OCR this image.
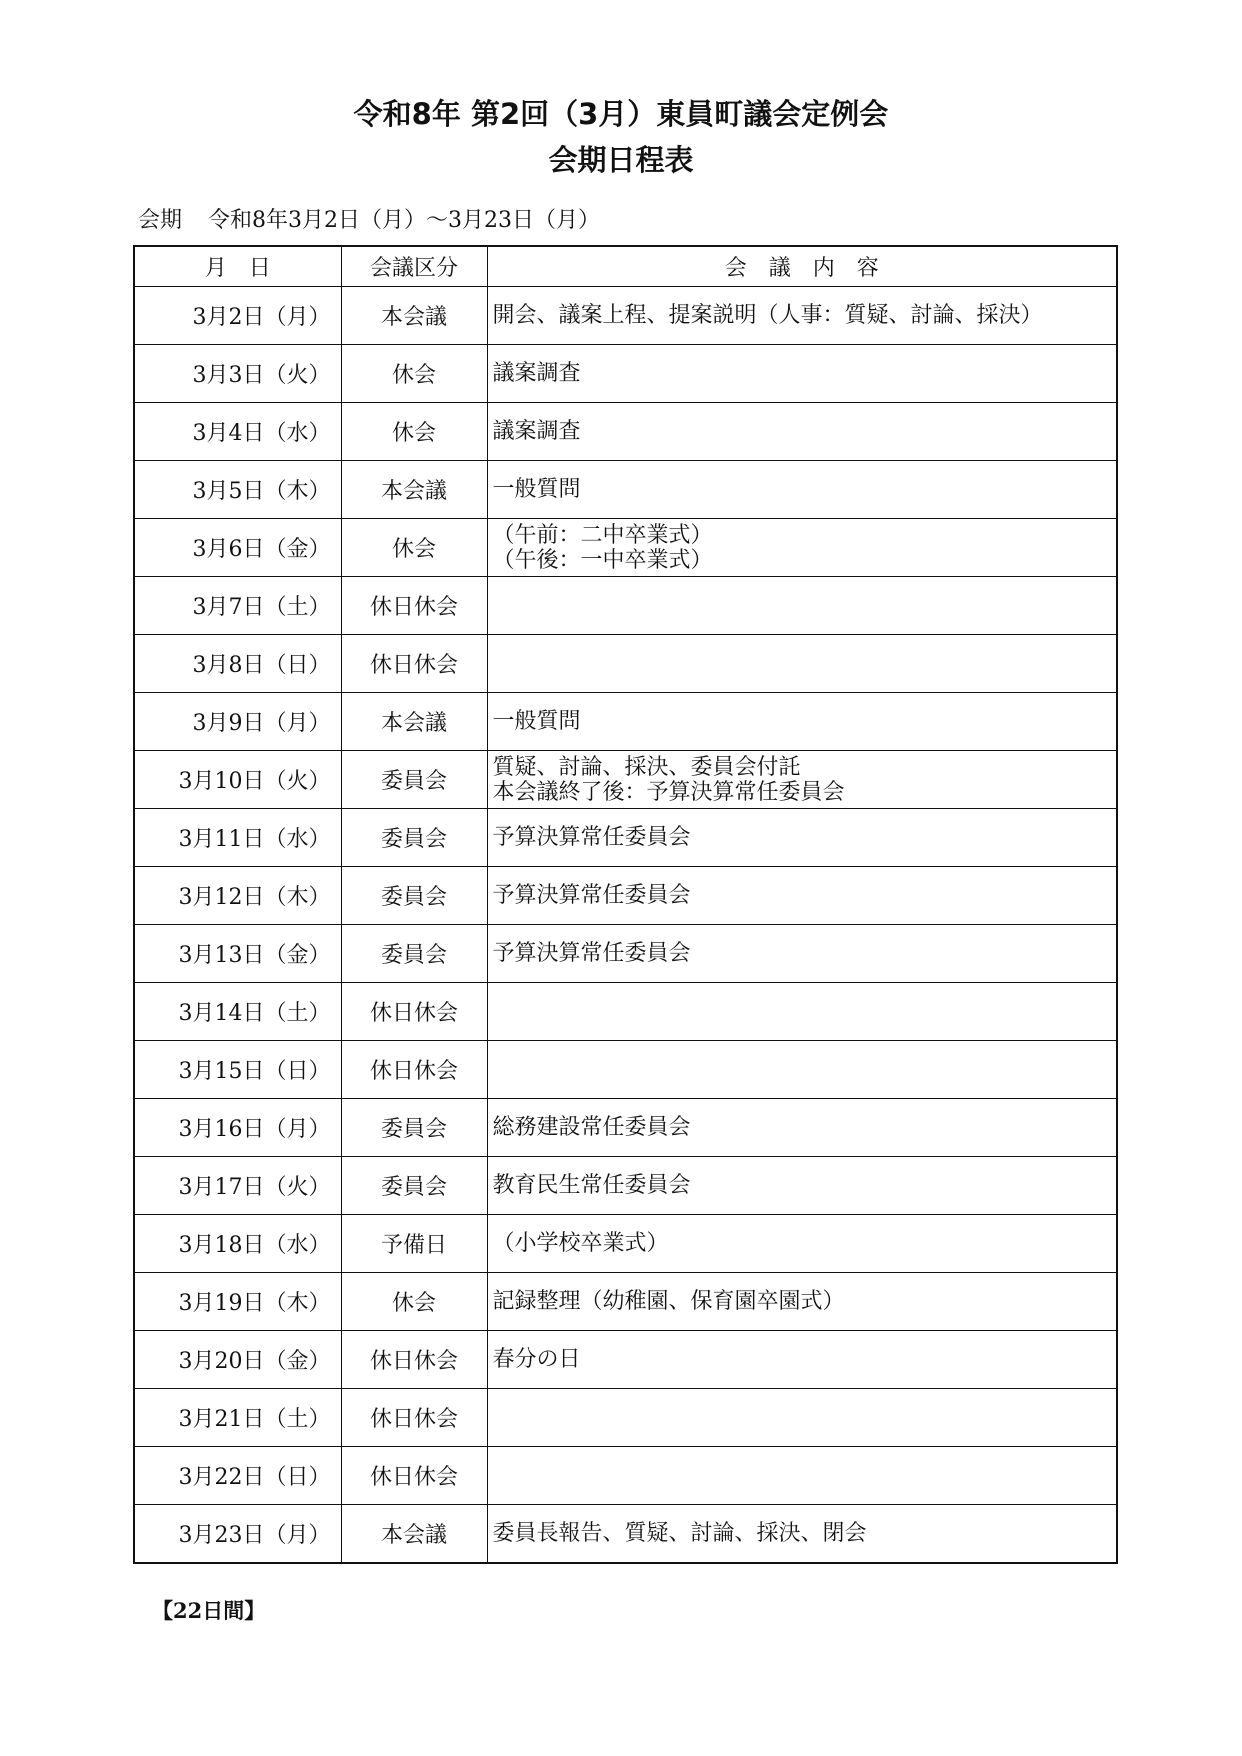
令和8年 第2回（3月）東員町議会定例会
会期日程表
会期 令和8年3月2日（月）～3月23日（月）
月　日	会議区分	会　議　内　容
3月2日（月）	本会議	開会、議案上程、提案説明（人事：質疑、討論、採決）

3月3日（火）	休会	議案調査

3月4日（水）	休会	議案調査

3月5日（木）	本会議	一般質問

3月6日（金）	休会	（午前：二中卒業式）
（午後：一中卒業式）

3月7日（土）	休日休会	
3月8日（日）	休日休会	
3月9日（月）	本会議	一般質問

3月10日（火）	委員会	質疑、討論、採決、委員会付託
本会議終了後：予算決算常任委員会

3月11日（水）	委員会	予算決算常任委員会

3月12日（木）	委員会	予算決算常任委員会

3月13日（金）	委員会	予算決算常任委員会

3月14日（土）	休日休会	
3月15日（日）	休日休会	
3月16日（月）	委員会	総務建設常任委員会

3月17日（火）	委員会	教育民生常任委員会

3月18日（水）	予備日	（小学校卒業式）

3月19日（木）	休会	記録整理（幼稚園、保育園卒園式）

3月20日（金）	休日休会	春分の日

3月21日（土）	休日休会	
3月22日（日）	休日休会	
3月23日（月）	本会議	委員長報告、質疑、討論、採決、閉会
【22日間】
